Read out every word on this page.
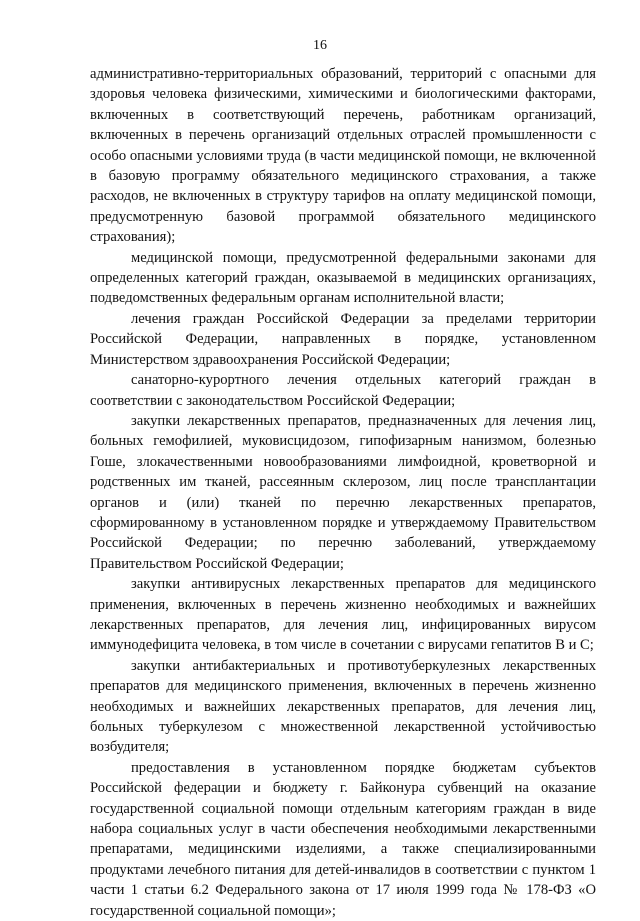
16

административно-территориальных образований, территорий с опасными для здоровья человека физическими, химическими и биологическими факторами, включенных в соответствующий перечень, работникам организаций, включенных в перечень организаций отдельных отраслей промышленности с особо опасными условиями труда (в части медицинской помощи, не включенной в базовую программу обязательного медицинского страхования, а также расходов, не включенных в структуру тарифов на оплату медицинской помощи, предусмотренную базовой программой обязательного медицинского страхования);

медицинской помощи, предусмотренной федеральными законами для определенных категорий граждан, оказываемой в медицинских организациях, подведомственных федеральным органам исполнительной власти;

лечения граждан Российской Федерации за пределами территории Российской Федерации, направленных в порядке, установленном Министерством здравоохранения Российской Федерации;

санаторно-курортного лечения отдельных категорий граждан в соответствии с законодательством Российской Федерации;

закупки лекарственных препаратов, предназначенных для лечения лиц, больных гемофилией, муковисцидозом, гипофизарным нанизмом, болезнью Гоше, злокачественными новообразованиями лимфоидной, кроветворной и родственных им тканей, рассеянным склерозом, лиц после трансплантации органов и (или) тканей по перечню лекарственных препаратов, сформированному в установленном порядке и утверждаемому Правительством Российской Федерации; по перечню заболеваний, утверждаемому Правительством Российской Федерации;

закупки антивирусных лекарственных препаратов для медицинского применения, включенных в перечень жизненно необходимых и важнейших лекарственных препаратов, для лечения лиц, инфицированных вирусом иммунодефицита человека, в том числе в сочетании с вирусами гепатитов В и С;

закупки антибактериальных и противотуберкулезных лекарственных препаратов для медицинского применения, включенных в перечень жизненно необходимых и важнейших лекарственных препаратов, для лечения лиц, больных туберкулезом с множественной лекарственной устойчивостью возбудителя;

предоставления в установленном порядке бюджетам субъектов Российской федерации и бюджету г. Байконура субвенций на оказание государственной социальной помощи отдельным категориям граждан в виде набора социальных услуг в части обеспечения необходимыми лекарственными препаратами, медицинскими изделиями, а также специализированными продуктами лечебного питания для детей-инвалидов в соответствии с пунктом 1 части 1 статьи 6.2 Федерального закона от 17 июля 1999 года № 178-ФЗ «О государственной социальной помощи»;
